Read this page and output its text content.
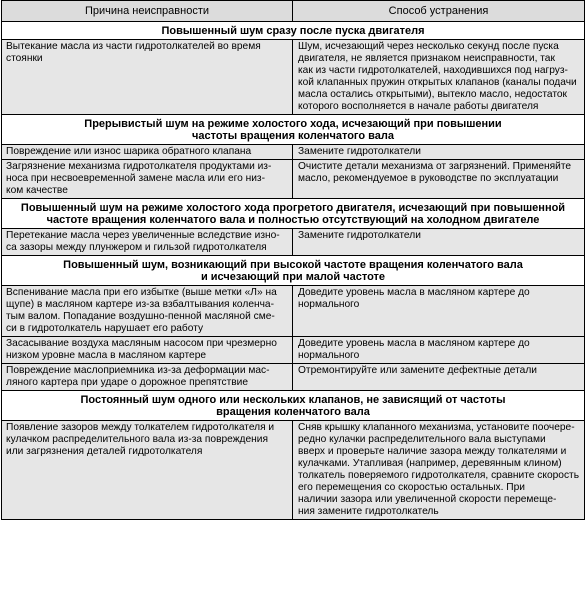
Причина неисправности	Способ устранения
Повышенный шум сразу после пуска двигателя
Вытекание масла из части гидротолкателей во время
стоянки
Шум, исчезающий через несколько секунд после пуска
двигателя, не является признаком неисправности, так
как из части гидротолкателей, находившихся под нагруз-
кой клапанных пружин открытых клапанов (каналы подачи
масла остались открытыми), вытекло масло, недостаток
которого восполняется в начале работы двигателя
Прерывистый шум на режиме холостого хода, исчезающий при повышении
частоты вращения коленчатого вала
Повреждение или износ шарика обратного клапана	Замените гидротолкатели
Загрязнение механизма гидротолкателя продуктами из-
носа при несвоевременной замене масла или его низ-
ком качестве
Очистите детали механизма от загрязнений. Применяйте
масло, рекомендуемое в руководстве по эксплуатации
Повышенный шум на режиме холостого хода прогретого двигателя, исчезающий при повышенной
частоте вращения коленчатого вала и полностью отсутствующий на холодном двигателе
Перетекание масла через увеличенные вследствие изно-
са зазоры между плунжером и гильзой гидротолкателя
Замените гидротолкатели
Повышенный шум, возникающий при высокой частоте вращения коленчатого вала
и исчезающий при малой частоте
Вспенивание масла при его избытке (выше метки «Л» на
щупе) в масляном картере из-за взбалтывания коленча-
тым валом. Попадание воздушно-пенной масляной сме-
си в гидротолкатель нарушает его работу
Доведите уровень масла в масляном картере до
нормального
Засасывание воздуха масляным насосом при чрезмерно
низком уровне масла в масляном картере
Доведите уровень масла в масляном картере до
нормального
Повреждение маслоприемника из-за деформации мас-
ляного картера при ударе о дорожное препятствие
Отремонтируйте или замените дефектные детали
Постоянный шум одного или нескольких клапанов, не зависящий от частоты
вращения коленчатого вала
Появление зазоров между толкателем гидротолкателя и
кулачком распределительного вала из-за повреждения
или загрязнения деталей гидротолкателя
Сняв крышку клапанного механизма, установите поочере-
редно кулачки распределительного вала выступами
вверх и проверьте наличие зазора между толкателями и
кулачками. Утапливая (например, деревянным клином)
толкатель поверяемого гидротолкателя, сравните скорость
его перемещения со скоростью остальных. При
наличии зазора или увеличенной скорости перемеще-
ния замените гидротолкатель
